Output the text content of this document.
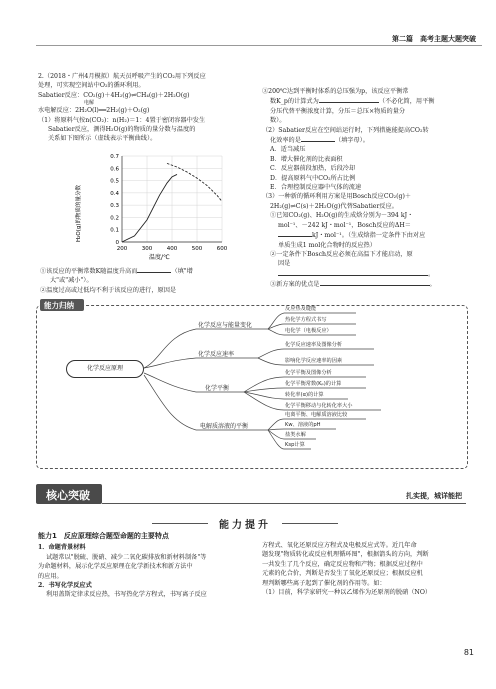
第二篇　高考主题大题突破
2.（2018・广州4月模拟）航天员呼吸产生的CO₂用下列反应
处理，可实现空间站中O₂的循环利用。
Sabatier反应：CO₂(g)＋4H₂(g)⇌CH₄(g)＋2H₂O(g)
电解
水电解反应：2H₂O(l)══2H₂(g)＋O₂(g)
（1）将原料气按n(CO₂)：n(H₂)＝1：4置于密闭容器中发生
Sabatier反应，测得H₂O(g)的物质的量分数与温度的
关系如下图所示（虚线表示平衡曲线）。
0
0.1
0.2
0.3
0.4
0.5
0.6
0.7
200	300	400	500	600
H₂O(g)的物质的量分数
温度/℃
①该反应的平衡常数K随温度升高而	（填"增
大"或"减小"）。
②温度过高或过低均不利于该反应的进行，原因是
③200℃达到平衡时体系的总压强为p，该反应平衡常
数K_p的计算式为	（不必化简，用平衡
分压代替平衡浓度计算，分压＝总压×物质的量分
数）。
（2）Sabatier反应在空间站运行时，下列措施能提高CO₂转
化效率的是	（填字母）。
A．适当减压
B．增大催化剂的比表面积
C．反应器前段加热，后段冷却
D．提高原料气中CO₂所占比例
E．合理控制反应器中气体的流速
（3）一种新的循环利用方案是用Bosch反应CO₂(g)＋
2H₂(g)⇌C(s)＋2H₂O(g)代替Sabatier反应。
①已知CO₂(g)、H₂O(g)的生成焓分别为－394 kJ・
mol⁻¹、－242 kJ・mol⁻¹，Bosch反应的ΔH＝
kJ・mol⁻¹。（生成焓指一定条件下由对应
单质生成1 mol化合物时的反应热）
②一定条件下Bosch反应必须在高温下才能启动，原
因是
。
③新方案的优点是	。
能力归纳
化学反应原理
化学反应与能量变化
化学反应速率
化学平衡
电解质溶液的平衡
反应热及键能
热化学方程式书写
电化学（电极反应）
化学反应速率及图像分析
影响化学反应速率的因素
化学平衡及图像分析
化学平衡常数(Kₚ)的计算
转化率(α)的计算
化学平衡移动与化转化率大小
电离平衡、电解质溶液比较
Kw、溶液的pH
盐类水解
Ksp计算
核心突破	扎实提，城详能把
能力提升
能力1　反应原理综合题型命题的主要特点
1．命题背景材料
试题常以"脱硫、脱硝、减少二氧化碳排放和新材料制备"等
为命题材料，展示化学反应原理在化学新技术和新方法中
的应用。
2．书写化学反应式
利用盖斯定律求反应热，书写热化学方程式，书写离子反应
方程式、氧化还原反应方程式及电极反应式等。近几年命
题发现"物质转化或反应机理循环图"，根据箭头的方向，判断
一共发生了几个反应，确定反应物和产物；根据反应过程中
元素的化合价，判断是否发生了氧化还原反应；根据反应机
理判断哪些离子起到了催化剂的作用等。如：
（1）目前，科学家研究一种以乙烯作为还原剂的脱硝（NO）
81
